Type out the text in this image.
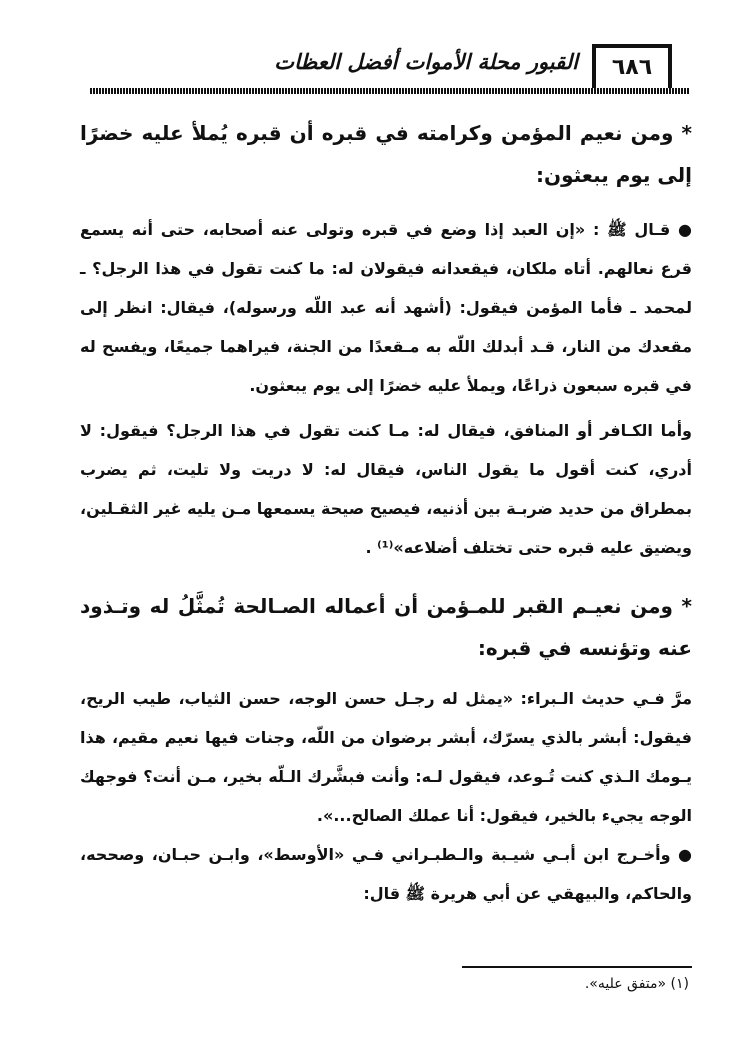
٦٨٦
القبور محلة الأموات أفضل العظات

* ومن نعيم المؤمن وكرامته في قبره أن قبره يُملأ عليه خضرًا إلى يوم يبعثون:

● قـال ﷺ : «إن العبد إذا وضع في قبره وتولى عنه أصحابه، حتى أنه يسمع قرع نعالهم. أتاه ملكان، فيقعدانه فيقولان له: ما كنت تقول في هذا الرجل؟ ـ لمحمد ـ فأما المؤمن فيقول: (أشهد أنه عبد اللّه ورسوله)، فيقال: انظر إلى مقعدك من النار، قـد أبدلك اللّه به مـقعدًا من الجنة، فيراهما جميعًا، ويفسح له في قبره سبعون ذراعًا، ويملأ عليه خضرًا إلى يوم يبعثون.

وأما الكـافر أو المنافق، فيقال له: مـا كنت تقول في هذا الرجل؟ فيقول: لا أدري، كنت أقول ما يقول الناس، فيقال له: لا دريت ولا تليت، ثم يضرب بمطراق من حديد ضربـة بين أذنيه، فيصيح صيحة يسمعها مـن يليه غير الثقـلين، ويضيق عليه قبره حتى تختلف أضلاعه»⁽¹⁾ .

* ومن نعيـم القبر للمـؤمن أن أعماله الصـالحة تُمثَّلُ له وتـذود عنه وتؤنسه في قبره:

مرَّ فـي حديث الـبراء: «يمثل له رجـل حسن الوجه، حسن الثياب، طيب الريح، فيقول: أبشر بالذي يسرّك، أبشر برضوان من اللّه، وجنات فيها نعيم مقيم، هذا يـومك الـذي كنت تُـوعد، فيقول لـه: وأنت فبشَّرك الـلّه بخير، مـن أنت؟ فوجهك الوجه يجيء بالخير، فيقول: أنا عملك الصالح...».

● وأخـرج ابن أبـي شيـبة والـطبـراني فـي «الأوسط»، وابـن حبـان، وصححه، والحاكم، والبيهقي عن أبي هريرة ﷺ قال:

(١) «متفق عليه».
